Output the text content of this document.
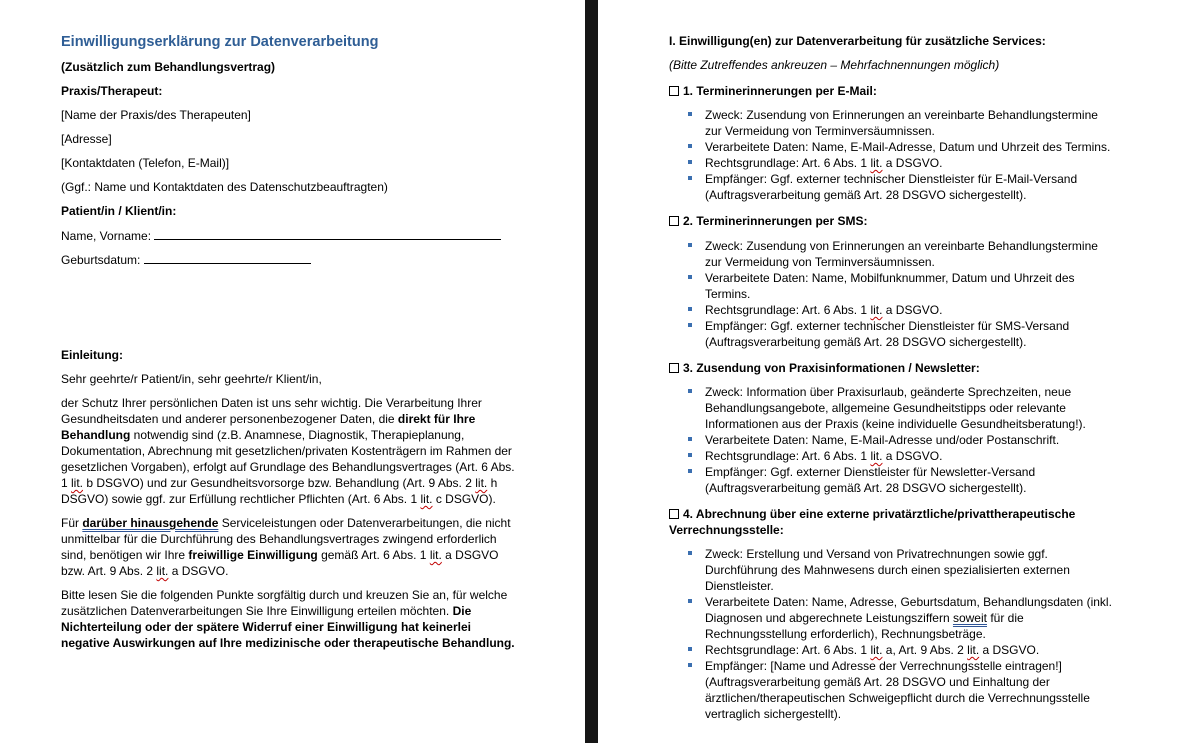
Einwilligungserklärung zur Datenverarbeitung

(Zusätzlich zum Behandlungsvertrag)

Praxis/Therapeut:

[Name der Praxis/des Therapeuten]

[Adresse]

[Kontaktdaten (Telefon, E-Mail)]

(Ggf.: Name und Kontaktdaten des Datenschutzbeauftragten)

Patient/in / Klient/in:

Name, Vorname:

Geburtsdatum:

Einleitung:

Sehr geehrte/r Patient/in, sehr geehrte/r Klient/in,

der Schutz Ihrer persönlichen Daten ist uns sehr wichtig. Die Verarbeitung Ihrer Gesundheitsdaten und anderer personenbezogener Daten, die direkt für Ihre Behandlung notwendig sind (z.B. Anamnese, Diagnostik, Therapieplanung, Dokumentation, Abrechnung mit gesetzlichen/privaten Kostenträgern im Rahmen der gesetzlichen Vorgaben), erfolgt auf Grundlage des Behandlungsvertrages (Art. 6 Abs. 1 lit. b DSGVO) und zur Gesundheitsvorsorge bzw. Behandlung (Art. 9 Abs. 2 lit. h DSGVO) sowie ggf. zur Erfüllung rechtlicher Pflichten (Art. 6 Abs. 1 lit. c DSGVO).

Für darüber hinausgehende Serviceleistungen oder Datenverarbeitungen, die nicht unmittelbar für die Durchführung des Behandlungsvertrages zwingend erforderlich sind, benötigen wir Ihre freiwillige Einwilligung gemäß Art. 6 Abs. 1 lit. a DSGVO bzw. Art. 9 Abs. 2 lit. a DSGVO.

Bitte lesen Sie die folgenden Punkte sorgfältig durch und kreuzen Sie an, für welche zusätzlichen Datenverarbeitungen Sie Ihre Einwilligung erteilen möchten. Die Nichterteilung oder der spätere Widerruf einer Einwilligung hat keinerlei negative Auswirkungen auf Ihre medizinische oder therapeutische Behandlung.

I. Einwilligung(en) zur Datenverarbeitung für zusätzliche Services:

(Bitte Zutreffendes ankreuzen – Mehrfachnennungen möglich)

1. Terminerinnerungen per E-Mail:

Zweck: Zusendung von Erinnerungen an vereinbarte Behandlungstermine zur Vermeidung von Terminversäumnissen.
Verarbeitete Daten: Name, E-Mail-Adresse, Datum und Uhrzeit des Termins.
Rechtsgrundlage: Art. 6 Abs. 1 lit. a DSGVO.
Empfänger: Ggf. externer technischer Dienstleister für E-Mail-Versand (Auftragsverarbeitung gemäß Art. 28 DSGVO sichergestellt).

2. Terminerinnerungen per SMS:

Zweck: Zusendung von Erinnerungen an vereinbarte Behandlungstermine zur Vermeidung von Terminversäumnissen.
Verarbeitete Daten: Name, Mobilfunknummer, Datum und Uhrzeit des Termins.
Rechtsgrundlage: Art. 6 Abs. 1 lit. a DSGVO.
Empfänger: Ggf. externer technischer Dienstleister für SMS-Versand (Auftragsverarbeitung gemäß Art. 28 DSGVO sichergestellt).

3. Zusendung von Praxisinformationen / Newsletter:

Zweck: Information über Praxisurlaub, geänderte Sprechzeiten, neue Behandlungsangebote, allgemeine Gesundheitstipps oder relevante Informationen aus der Praxis (keine individuelle Gesundheitsberatung!).
Verarbeitete Daten: Name, E-Mail-Adresse und/oder Postanschrift.
Rechtsgrundlage: Art. 6 Abs. 1 lit. a DSGVO.
Empfänger: Ggf. externer Dienstleister für Newsletter-Versand (Auftragsverarbeitung gemäß Art. 28 DSGVO sichergestellt).

4. Abrechnung über eine externe privatärztliche/privattherapeutische Verrechnungsstelle:

Zweck: Erstellung und Versand von Privatrechnungen sowie ggf. Durchführung des Mahnwesens durch einen spezialisierten externen Dienstleister.
Verarbeitete Daten: Name, Adresse, Geburtsdatum, Behandlungsdaten (inkl. Diagnosen und abgerechnete Leistungsziffern soweit für die Rechnungsstellung erforderlich), Rechnungsbeträge.
Rechtsgrundlage: Art. 6 Abs. 1 lit. a, Art. 9 Abs. 2 lit. a DSGVO.
Empfänger: [Name und Adresse der Verrechnungsstelle eintragen!] (Auftragsverarbeitung gemäß Art. 28 DSGVO und Einhaltung der ärztlichen/therapeutischen Schweigepflicht durch die Verrechnungsstelle vertraglich sichergestellt).
